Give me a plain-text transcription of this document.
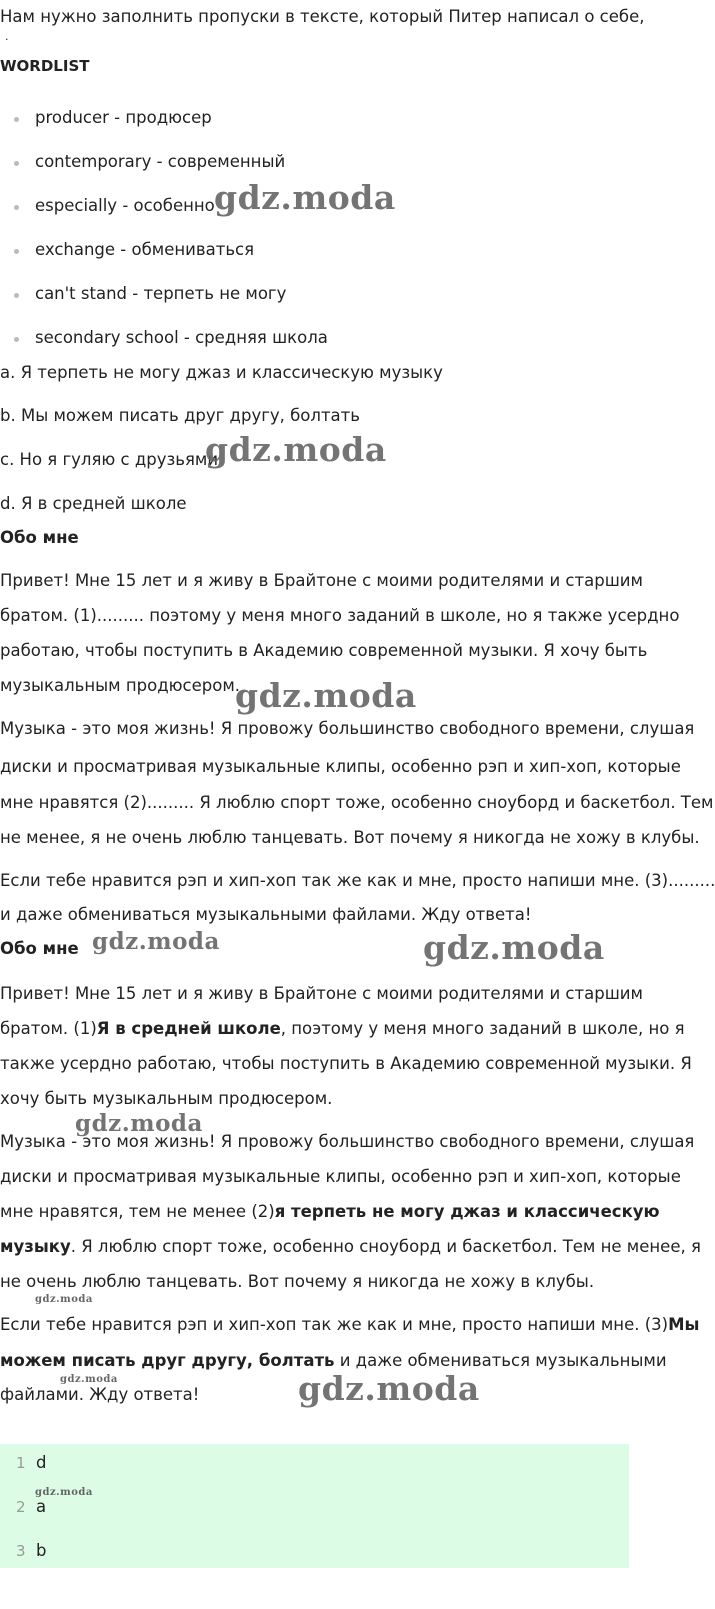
Нам нужно заполнить пропуски в тексте, который Питер написал о себе,

.

WORDLIST

producer - продюсер
contemporary - современный
especially - особенно
exchange - обмениваться
can't stand - терпеть не могу
secondary school - средняя школа

a. Я терпеть не могу джаз и классическую музыку

b. Мы можем писать друг другу, болтать

c. Но я гуляю с друзьями

d. Я в средней школе

Обо мне

Привет! Мне 15 лет и я живу в Брайтоне с моими родителями и старшим

братом. (1)......... поэтому у меня много заданий в школе, но я также усердно

работаю, чтобы поступить в Академию современной музыки. Я хочу быть

музыкальным продюсером.

Музыка - это моя жизнь! Я провожу большинство свободного времени, слушая

диски и просматривая музыкальные клипы, особенно рэп и хип-хоп, которые

мне нравятся (2)......... Я люблю спорт тоже, особенно сноуборд и баскетбол. Тем

не менее, я не очень люблю танцевать. Вот почему я никогда не хожу в клубы.

Если тебе нравится рэп и хип-хоп так же как и мне, просто напиши мне. (3).........

и даже обмениваться музыкальными файлами. Жду ответа!

Обо мне

Привет! Мне 15 лет и я живу в Брайтоне с моими родителями и старшим

братом. (1)Я в средней школе, поэтому у меня много заданий в школе, но я

также усердно работаю, чтобы поступить в Академию современной музыки. Я

хочу быть музыкальным продюсером.

Музыка - это моя жизнь! Я провожу большинство свободного времени, слушая

диски и просматривая музыкальные клипы, особенно рэп и хип-хоп, которые

мне нравятся, тем не менее (2)я терпеть не могу джаз и классическую

музыку. Я люблю спорт тоже, особенно сноуборд и баскетбол. Тем не менее, я

не очень люблю танцевать. Вот почему я никогда не хожу в клубы.

Если тебе нравится рэп и хип-хоп так же как и мне, просто напиши мне. (3)Мы

можем писать друг другу, болтать и даже обмениваться музыкальными

файлами. Жду ответа!

1 d
2 a
3 b
gdz.moda
gdz.moda
gdz.moda
gdz.moda	gdz.moda
gdz.moda
gdz.moda
gdz.moda	gdz.moda
gdz.moda
